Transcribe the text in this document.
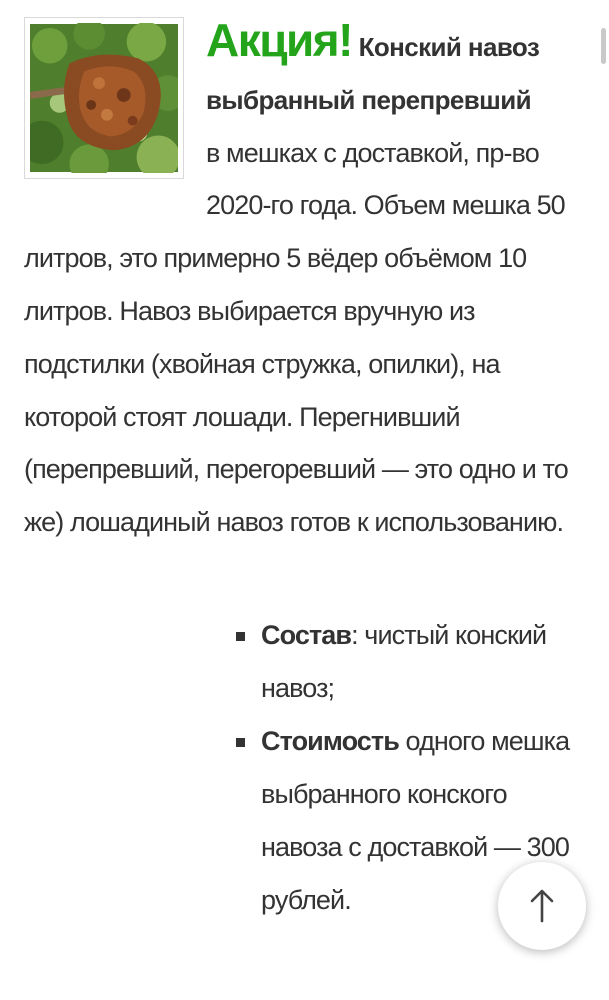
Акция! Конский навоз выбранный перепревший
в мешках с доставкой, пр-во 2020-го года. Объем мешка 50 литров, это примерно 5 вёдер объёмом 10 литров. Навоз выбирается вручную из подстилки (хвойная стружка, опилки), на которой стоят лошади. Перегнивший (перепревший, перегоревший — это одно и то же) лошадиный навоз готов к использованию.

Состав: чистый конский навоз;
Стоимость одного мешка выбранного конского навоза с доставкой — 300 рублей.
